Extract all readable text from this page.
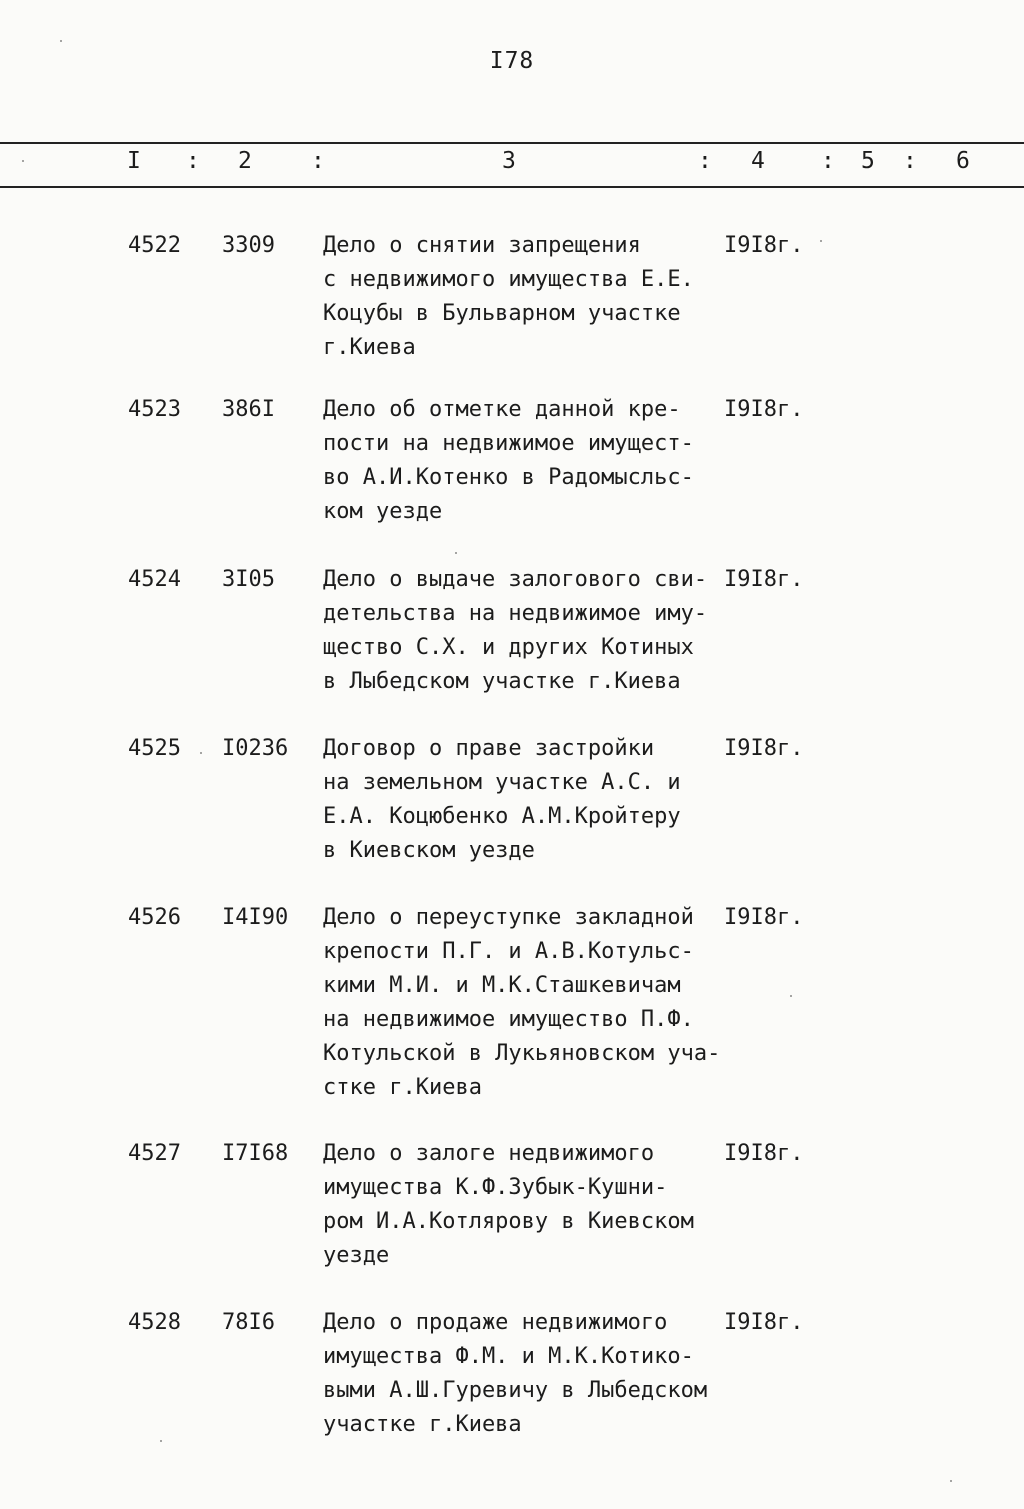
I78
I : 2	:	3	: 4 : 5 : 6
4522 3309 Дело о снятии запрещения
с недвижимого имущества Е.Е.
Коцубы в Бульварном участке
г.Киева
I9I8г.
4523 386I Дело об отметке данной кре-
пости на недвижимое имущест-
во А.И.Котенко в Радомысльс-
ком уезде
I9I8г.
4524 3I05 Дело о выдаче залогового сви-
детельства на недвижимое иму-
щество С.Х. и других Котиных
в Лыбедском участке г.Киева
I9I8г.
4525 I0236 Договор о праве застройки
на земельном участке А.С. и
Е.А. Коцюбенко А.М.Кройтеру
в Киевском уезде
I9I8г.
4526 I4I90 Дело о переуступке закладной
крепости П.Г. и А.В.Котульс-
кими М.И. и М.К.Сташкевичам
на недвижимое имущество П.Ф.
Котульской в Лукьяновском уча-
стке г.Киева
I9I8г.
4527 I7I68 Дело о залоге недвижимого
имущества К.Ф.Зубык-Кушни-
ром И.А.Котлярову в Киевском
уезде
I9I8г.
4528 78I6 Дело о продаже недвижимого
имущества Ф.М. и М.К.Котико-
выми А.Ш.Гуревичу в Лыбедском
участке г.Киева
I9I8г.
